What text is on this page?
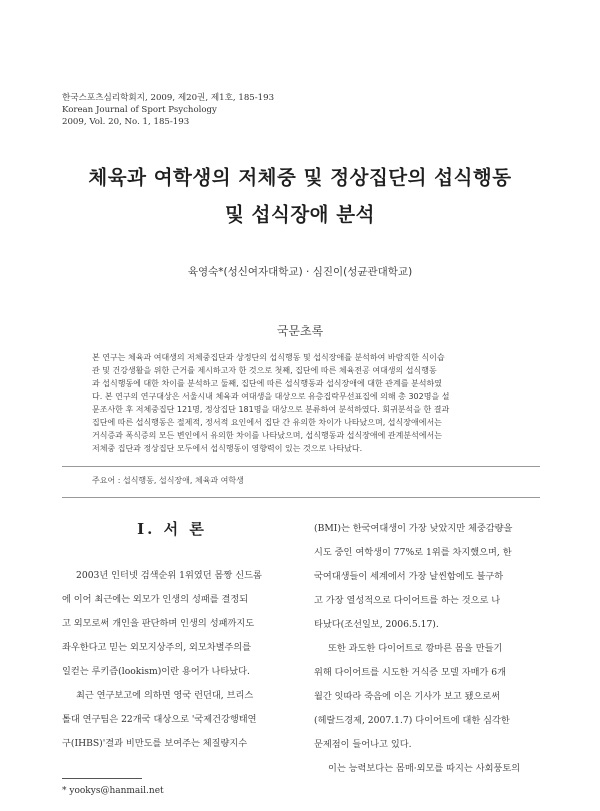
한국스포츠심리학회지, 2009, 제20권, 제1호, 185-193
Korean Journal of Sport Psychology
2009, Vol. 20, No. 1, 185-193
체육과 여학생의 저체중 및 정상집단의 섭식행동
및 섭식장애 분석
육영숙*(성신여자대학교) · 심진이(성균관대학교)
국문초록
본 연구는 체육과 여대생의 저체중집단과 상정단의 섭식행동 및 섭식장애를 분석하여 바람직한 식이습
관 및 건강생활을 위한 근거를 제시하고자 한 것으로 첫째, 집단에 따른 체육전공 여대생의 섭식행동
과 섭식행동에 대한 차이를 분석하고 둘째, 집단에 따른 섭식행동과 섭식장애에 대한 관계를 분석하였
다. 본 연구의 연구대상은 서울시내 체육과 여대생을 대상으로 유층집락무선표집에 의해 총 302명을 설
문조사한 후 저체중집단 121명, 정상집단 181명을 대상으로 분류하여 분석하였다. 회귀분석을 한 결과
집단에 따른 섭식행동은 절제적, 정서적 요인에서 집단 간 유의한 차이가 나타났으며, 섭식장애에서는
거식증과 폭식증의 모든 변인에서 유의한 차이를 나타났으며, 섭식행동과 섭식장애에 관계분석에서는
저체중 집단과 정상집단 모두에서 섭식행동이 영향력이 있는 것으로 나타났다.
주요어 : 섭식행동, 섭식장애, 체육과 여학생
Ⅰ. 서 론
2003년 인터넷 검색순위 1위였던 몸짱 신드롬
에 이어 최근에는 외모가 인생의 성패를 결정되
고 외모로써 개인을 판단하며 인생의 성패까지도
좌우한다고 믿는 외모지상주의, 외모차별주의를
일컫는 루키즘(lookism)이란 용어가 나타났다.
최근 연구보고에 의하면 영국 런던대, 브리스
톨대 연구팀은 22개국 대상으로 '국제건강행태연
구(IHBS)'결과 비만도를 보여주는 체질량지수
(BMI)는 한국여대생이 가장 낮았지만 체중감량을
시도 중인 여학생이 77%로 1위를 차지했으며, 한
국여대생들이 세계에서 가장 날씬함에도 불구하
고 가장 열성적으로 다이어트를 하는 것으로 나
타났다(조선일보, 2006.5.17).
또한 과도한 다이어트로 깡마른 몸을 만들기
위해 다이어트를 시도한 거식증 모델 자매가 6개
월간 잇따라 죽음에 이은 기사가 보고 됐으로써
(헤랄드경제, 2007.1.7) 다이어트에 대한 심각한
문제점이 들어나고 있다.
이는 능력보다는 몸매·외모를 따지는 사회풍토의
* yookys@hanmail.net
